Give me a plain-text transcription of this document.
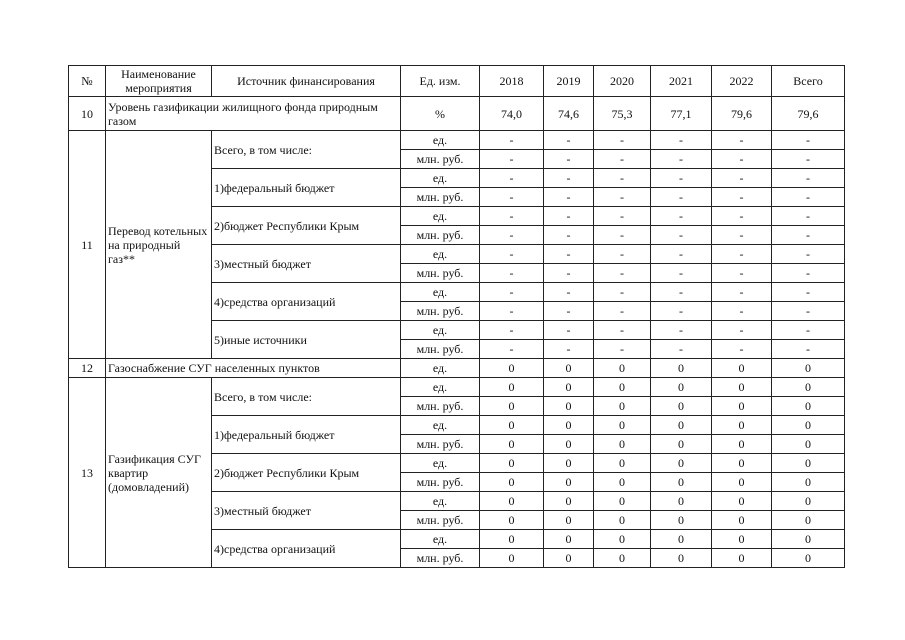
№	Наименование мероприятия	Источник финансирования	Ед. изм.	2018	2019	2020	2021	2022	Всего
10	Уровень газификации жилищного фонда природным газом		%	74,0	74,6	75,3	77,1	79,6	79,6
11	Перевод котельных на природный газ**	Всего, в том числе:	ед.	-	-	-	-	-	-
			млн. руб.	-	-	-	-	-	-
		1)федеральный бюджет	ед.	-	-	-	-	-	-
			млн. руб.	-	-	-	-	-	-
		2)бюджет Республики Крым	ед.	-	-	-	-	-	-
			млн. руб.	-	-	-	-	-	-
		3)местный бюджет	ед.	-	-	-	-	-	-
			млн. руб.	-	-	-	-	-	-
		4)средства организаций	ед.	-	-	-	-	-	-
			млн. руб.	-	-	-	-	-	-
		5)иные источники	ед.	-	-	-	-	-	-
			млн. руб.	-	-	-	-	-	-
12	Газоснабжение СУГ населенных пунктов		ед.	0	0	0	0	0	0
13	Газификация СУГ квартир (домовладений)	Всего, в том числе:	ед.	0	0	0	0	0	0
			млн. руб.	0	0	0	0	0	0
		1)федеральный бюджет	ед.	0	0	0	0	0	0
			млн. руб.	0	0	0	0	0	0
		2)бюджет Республики Крым	ед.	0	0	0	0	0	0
			млн. руб.	0	0	0	0	0	0
		3)местный бюджет	ед.	0	0	0	0	0	0
			млн. руб.	0	0	0	0	0	0
		4)средства организаций	ед.	0	0	0	0	0	0
			млн. руб.	0	0	0	0	0	0
